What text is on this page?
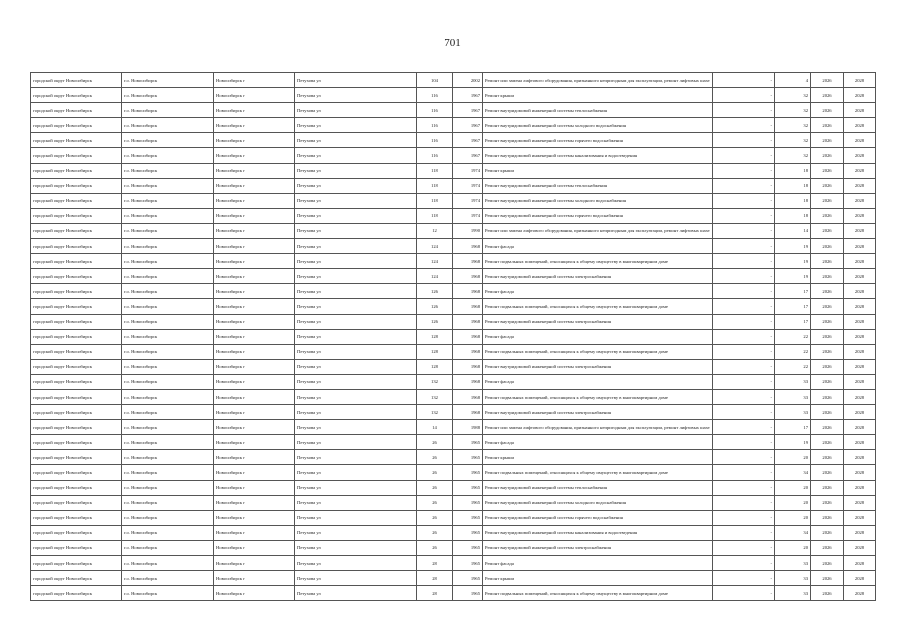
701
городской округ Новосибирск	г.о. Новосибирск	Новосибирск г	Петухова ул	104	2002	Ремонт или замена лифтового оборудования, признанного непригодным для эксплуатации, ремонт лифтовых шахт	-	4	2026	2028
городской округ Новосибирск	г.о. Новосибирск	Новосибирск г	Петухова ул	116	1967	Ремонт крыши	-	32	2026	2028
городской округ Новосибирск	г.о. Новосибирск	Новосибирск г	Петухова ул	116	1967	Ремонт внутридомовой инженерной системы теплоснабжения	-	32	2026	2028
городской округ Новосибирск	г.о. Новосибирск	Новосибирск г	Петухова ул	116	1967	Ремонт внутридомовой инженерной системы холодного водоснабжения	-	32	2026	2028
городской округ Новосибирск	г.о. Новосибирск	Новосибирск г	Петухова ул	116	1967	Ремонт внутридомовой инженерной системы горячего водоснабжения	-	32	2026	2028
городской округ Новосибирск	г.о. Новосибирск	Новосибирск г	Петухова ул	116	1967	Ремонт внутридомовой инженерной системы канализования и водоотведения	-	32	2026	2028
городской округ Новосибирск	г.о. Новосибирск	Новосибирск г	Петухова ул	118	1974	Ремонт крыши	-	18	2026	2028
городской округ Новосибирск	г.о. Новосибирск	Новосибирск г	Петухова ул	118	1974	Ремонт внутридомовой инженерной системы теплоснабжения	-	18	2026	2028
городской округ Новосибирск	г.о. Новосибирск	Новосибирск г	Петухова ул	118	1974	Ремонт внутридомовой инженерной системы холодного водоснабжения	-	18	2026	2028
городской округ Новосибирск	г.о. Новосибирск	Новосибирск г	Петухова ул	118	1974	Ремонт внутридомовой инженерной системы горячего водоснабжения	-	18	2026	2028
городской округ Новосибирск	г.о. Новосибирск	Новосибирск г	Петухова ул	12	1990	Ремонт или замена лифтового оборудования, признанного непригодным для эксплуатации, ремонт лифтовых шахт	-	14	2026	2028
городской округ Новосибирск	г.о. Новосибирск	Новосибирск г	Петухова ул	124	1968	Ремонт фасада	-	19	2026	2028
городской округ Новосибирск	г.о. Новосибирск	Новосибирск г	Петухова ул	124	1968	Ремонт подвальных помещений, относящихся к общему имуществу в многоквартирном доме	-	19	2026	2028
городской округ Новосибирск	г.о. Новосибирск	Новосибирск г	Петухова ул	124	1968	Ремонт внутридомовой инженерной системы электроснабжения	-	19	2026	2028
городской округ Новосибирск	г.о. Новосибирск	Новосибирск г	Петухова ул	126	1968	Ремонт фасада	-	17	2026	2028
городской округ Новосибирск	г.о. Новосибирск	Новосибирск г	Петухова ул	126	1968	Ремонт подвальных помещений, относящихся к общему имуществу в многоквартирном доме	-	17	2026	2028
городской округ Новосибирск	г.о. Новосибирск	Новосибирск г	Петухова ул	126	1968	Ремонт внутридомовой инженерной системы электроснабжения	-	17	2026	2028
городской округ Новосибирск	г.о. Новосибирск	Новосибирск г	Петухова ул	128	1968	Ремонт фасада	-	22	2026	2028
городской округ Новосибирск	г.о. Новосибирск	Новосибирск г	Петухова ул	128	1968	Ремонт подвальных помещений, относящихся к общему имуществу в многоквартирном доме	-	22	2026	2028
городской округ Новосибирск	г.о. Новосибирск	Новосибирск г	Петухова ул	128	1968	Ремонт внутридомовой инженерной системы электроснабжения	-	22	2026	2028
городской округ Новосибирск	г.о. Новосибирск	Новосибирск г	Петухова ул	132	1968	Ремонт фасада	-	33	2026	2028
городской округ Новосибирск	г.о. Новосибирск	Новосибирск г	Петухова ул	132	1968	Ремонт подвальных помещений, относящихся к общему имуществу в многоквартирном доме	-	33	2026	2028
городской округ Новосибирск	г.о. Новосибирск	Новосибирск г	Петухова ул	132	1968	Ремонт внутридомовой инженерной системы электроснабжения	-	33	2026	2028
городской округ Новосибирск	г.о. Новосибирск	Новосибирск г	Петухова ул	14	1988	Ремонт или замена лифтового оборудования, признанного непригодным для эксплуатации, ремонт лифтовых шахт	-	17	2026	2028
городской округ Новосибирск	г.о. Новосибирск	Новосибирск г	Петухова ул	26	1965	Ремонт фасада	-	19	2026	2028
городской округ Новосибирск	г.о. Новосибирск	Новосибирск г	Петухова ул	26	1965	Ремонт крыши	-	20	2026	2028
городской округ Новосибирск	г.о. Новосибирск	Новосибирск г	Петухова ул	26	1965	Ремонт подвальных помещений, относящихся к общему имуществу в многоквартирном доме	-	34	2026	2028
городской округ Новосибирск	г.о. Новосибирск	Новосибирск г	Петухова ул	26	1965	Ремонт внутридомовой инженерной системы теплоснабжения	-	20	2026	2028
городской округ Новосибирск	г.о. Новосибирск	Новосибирск г	Петухова ул	26	1965	Ремонт внутридомовой инженерной системы холодного водоснабжения	-	20	2026	2028
городской округ Новосибирск	г.о. Новосибирск	Новосибирск г	Петухова ул	26	1965	Ремонт внутридомовой инженерной системы горячего водоснабжения	-	20	2026	2028
городской округ Новосибирск	г.о. Новосибирск	Новосибирск г	Петухова ул	26	1965	Ремонт внутридомовой инженерной системы канализования и водоотведения	-	34	2026	2028
городской округ Новосибирск	г.о. Новосибирск	Новосибирск г	Петухова ул	26	1965	Ремонт внутридомовой инженерной системы электроснабжения	-	20	2026	2028
городской округ Новосибирск	г.о. Новосибирск	Новосибирск г	Петухова ул	28	1965	Ремонт фасада	-	33	2026	2028
городской округ Новосибирск	г.о. Новосибирск	Новосибирск г	Петухова ул	28	1965	Ремонт крыши	-	33	2026	2028
городской округ Новосибирск	г.о. Новосибирск	Новосибирск г	Петухова ул	28	1965	Ремонт подвальных помещений, относящихся к общему имуществу в многоквартирном доме	-	33	2026	2028
